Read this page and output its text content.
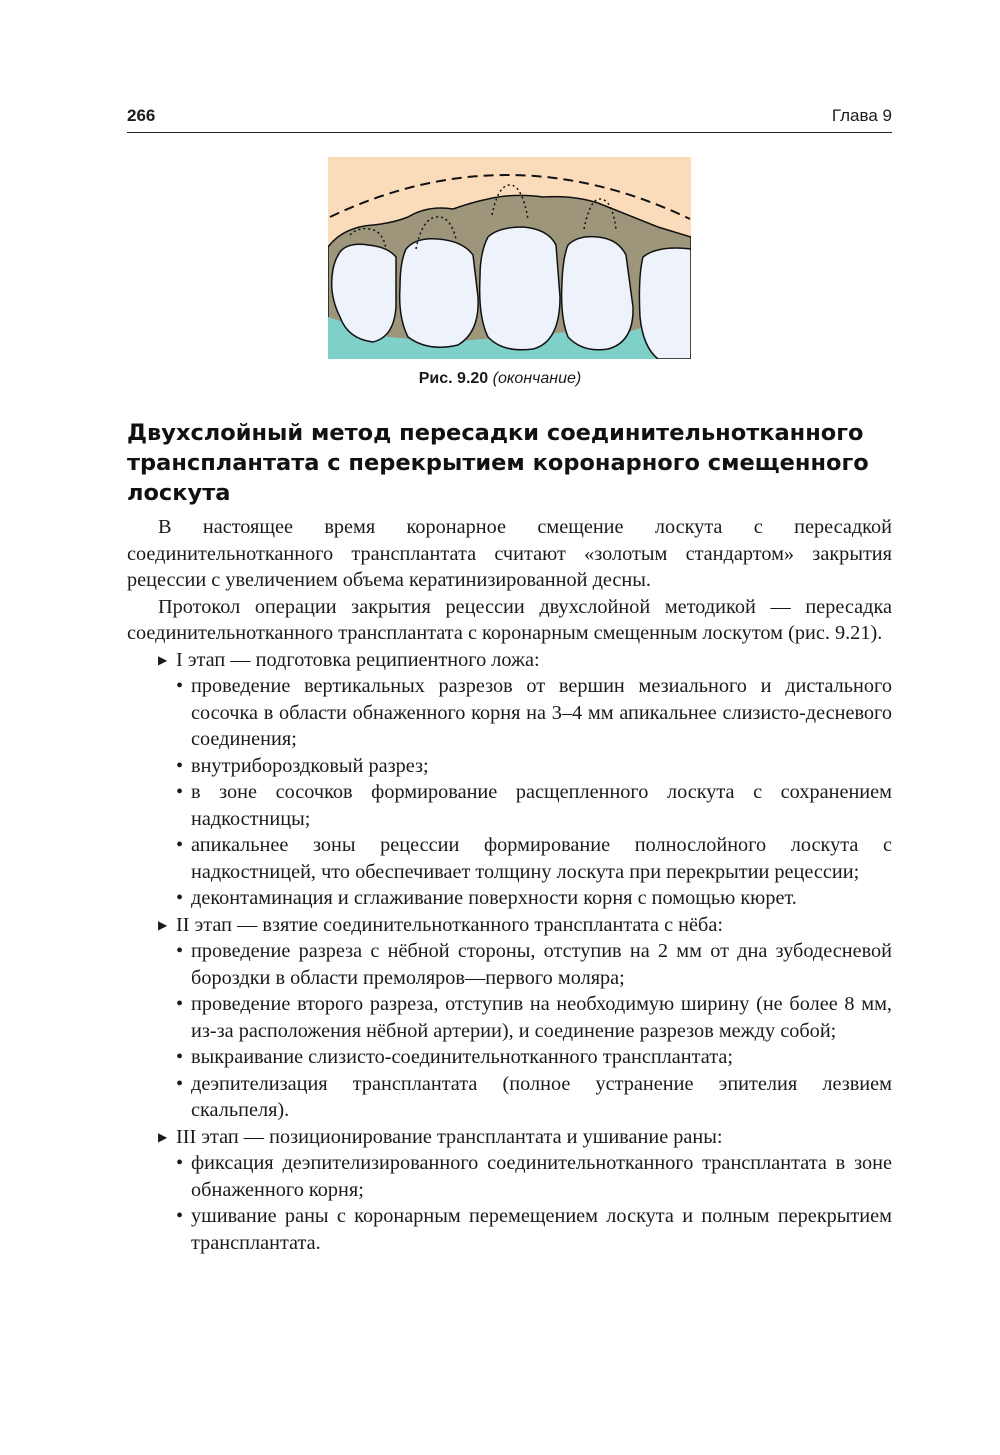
266	Глава 9
Рис. 9.20 (окончание)
Двухслойный метод пересадки соединительнотканного трансплантата с перекрытием коронарного смещенного лоскута

В настоящее время коронарное смещение лоскута с пересадкой соединительнотканного трансплантата считают «золотым стандартом» закрытия рецессии с увеличением объема кератинизированной десны.

Протокол операции закрытия рецессии двухслойной методикой — пересадка соединительнотканного трансплантата с коронарным смещенным лоскутом (рис. 9.21).

▶ I этап — подготовка реципиентного ложа:
• проведение вертикальных разрезов от вершин мезиального и дистального сосочка в области обнаженного корня на 3–4 мм апикальнее слизисто-десневого соединения;
• внутрибороздковый разрез;
• в зоне сосочков формирование расщепленного лоскута с сохранением надкостницы;
• апикальнее зоны рецессии формирование полнослойного лоскута с надкостницей, что обеспечивает толщину лоскута при перекрытии рецессии;
• деконтаминация и сглаживание поверхности корня с помощью кюрет.
▶ II этап — взятие соединительнотканного трансплантата с нёба:
• проведение разреза с нёбной стороны, отступив на 2 мм от дна зубодесневой бороздки в области премоляров—первого моляра;
• проведение второго разреза, отступив на необходимую ширину (не более 8 мм, из-за расположения нёбной артерии), и соединение разрезов между собой;
• выкраивание слизисто-соединительнотканного трансплантата;
• деэпителизация трансплантата (полное устранение эпителия лезвием скальпеля).
▶ III этап — позиционирование трансплантата и ушивание раны:
• фиксация деэпителизированного соединительнотканного трансплантата в зоне обнаженного корня;
• ушивание раны с коронарным перемещением лоскута и полным перекрытием трансплантата.
